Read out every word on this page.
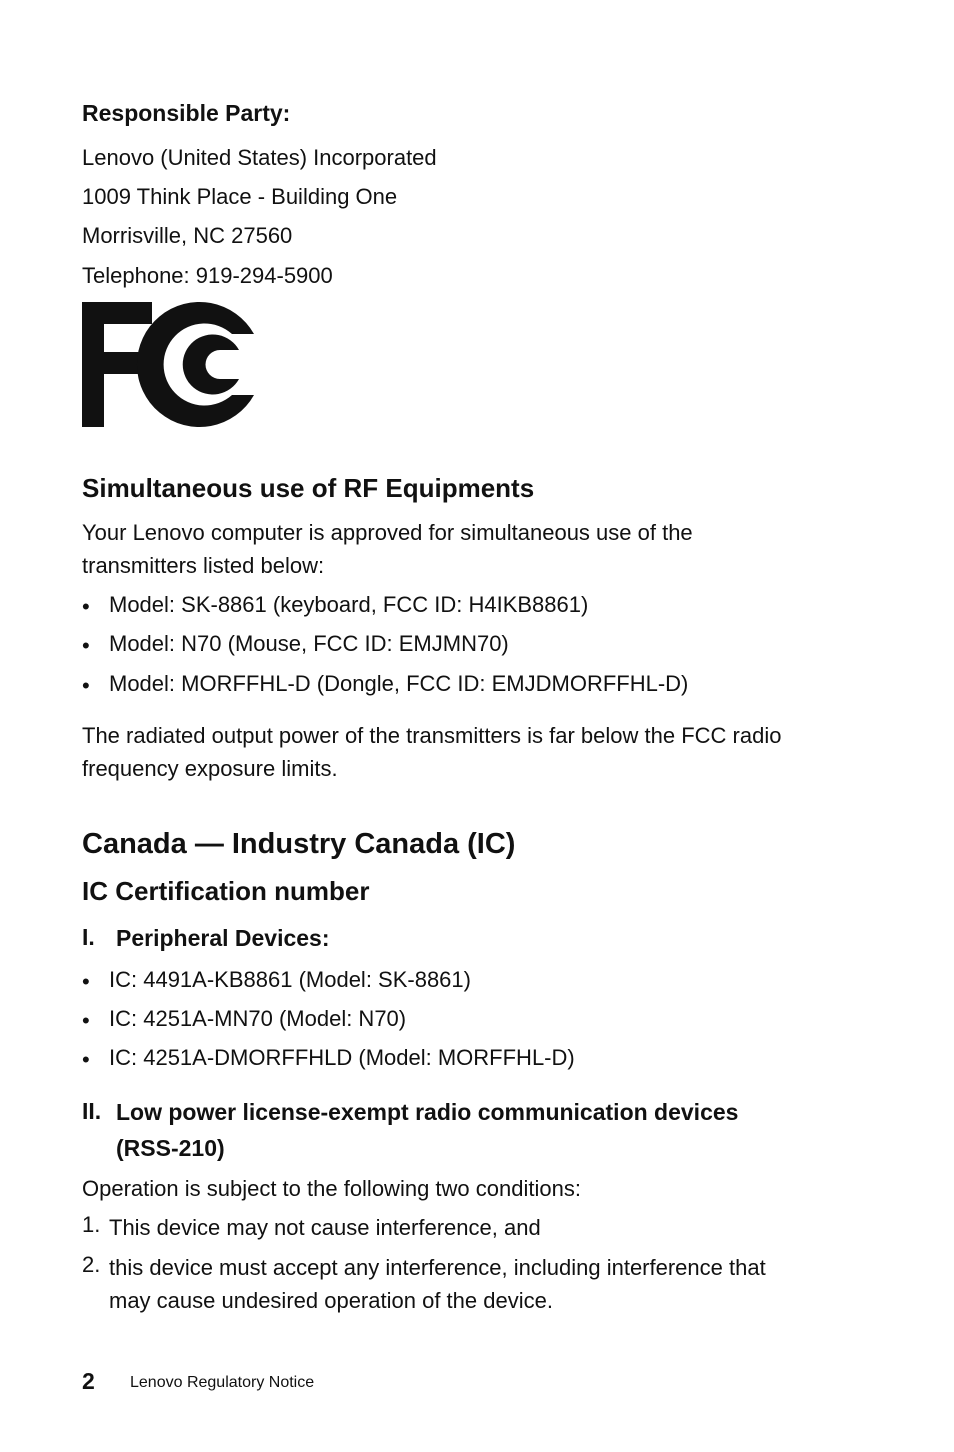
Responsible Party:
Lenovo (United States) Incorporated
1009 Think Place - Building One
Morrisville, NC 27560
Telephone: 919-294-5900
Simultaneous use of RF Equipments
Your Lenovo computer is approved for simultaneous use of the
transmitters listed below:
• Model: SK-8861 (keyboard, FCC ID: H4IKB8861)
• Model: N70 (Mouse, FCC ID: EMJMN70)
• Model: MORFFHL-D (Dongle, FCC ID: EMJDMORFFHL-D)
The radiated output power of the transmitters is far below the FCC radio
frequency exposure limits.
Canada — Industry Canada (IC)
IC Certification number
I. Peripheral Devices:
• IC: 4491A-KB8861 (Model: SK-8861)
• IC: 4251A-MN70 (Model: N70)
• IC: 4251A-DMORFFHLD (Model: MORFFHL-D)
II. Low power license-exempt radio communication devices
(RSS-210)
Operation is subject to the following two conditions:
1. This device may not cause interference, and
2. this device must accept any interference, including interference that
may cause undesired operation of the device.
2 Lenovo Regulatory Notice
